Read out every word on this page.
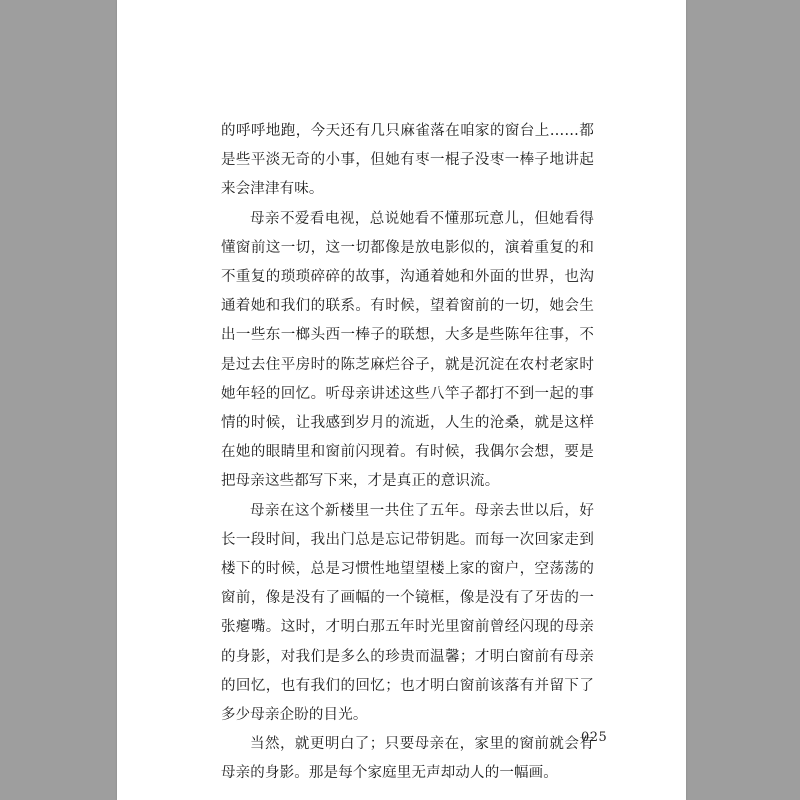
的呼呼地跑，今天还有几只麻雀落在咱家的窗台上……都是些平淡无奇的小事，但她有枣一棍子没枣一棒子地讲起来会津津有味。

母亲不爱看电视，总说她看不懂那玩意儿，但她看得懂窗前这一切，这一切都像是放电影似的，演着重复的和不重复的琐琐碎碎的故事，沟通着她和外面的世界，也沟通着她和我们的联系。有时候，望着窗前的一切，她会生出一些东一榔头西一棒子的联想，大多是些陈年往事，不是过去住平房时的陈芝麻烂谷子，就是沉淀在农村老家时她年轻的回忆。听母亲讲述这些八竿子都打不到一起的事情的时候，让我感到岁月的流逝，人生的沧桑，就是这样在她的眼睛里和窗前闪现着。有时候，我偶尔会想，要是把母亲这些都写下来，才是真正的意识流。

母亲在这个新楼里一共住了五年。母亲去世以后，好长一段时间，我出门总是忘记带钥匙。而每一次回家走到楼下的时候，总是习惯性地望望楼上家的窗户，空荡荡的窗前，像是没有了画幅的一个镜框，像是没有了牙齿的一张瘪嘴。这时，才明白那五年时光里窗前曾经闪现的母亲的身影，对我们是多么的珍贵而温馨；才明白窗前有母亲的回忆，也有我们的回忆；也才明白窗前该落有并留下了多少母亲企盼的目光。

当然，就更明白了；只要母亲在，家里的窗前就会有母亲的身影。那是每个家庭里无声却动人的一幅画。

025
